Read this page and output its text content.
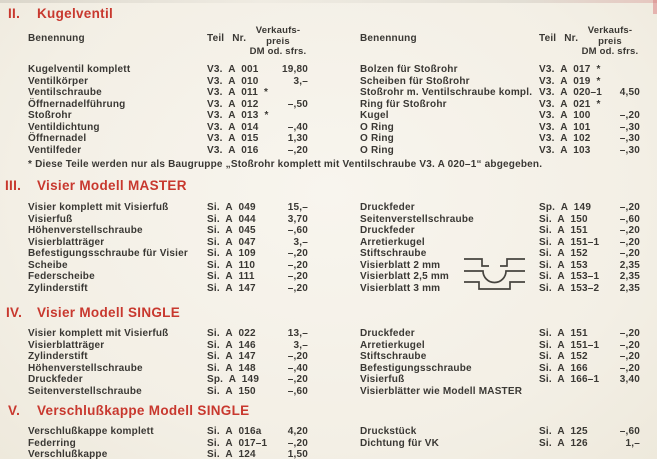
II.	Kugelventil
Benennung	Teil Nr.
Verkaufs-
preis
DM od. sfrs.
Kugelventil komplett	V3. A 001	19,80
Ventilkörper	V3. A 010	3,–
Ventilschraube	V3. A 011 *
Öffnernadelführung	V3. A 012	–,50
Stoßrohr	V3. A 013 *
Ventildichtung	V3. A 014	–,40
Öffnernadel	V3. A 015	1,30
Ventilfeder	V3. A 016	–,20
Benennung	Teil Nr.
Verkaufs-
preis
DM od. sfrs.
Bolzen für Stoßrohr	V3. A 017 *
Scheiben für Stoßrohr	V3. A 019 *
Stoßrohr m. Ventilschraube kompl. V3. A 020–1	4,50
Ring für Stoßrohr	V3. A 021 *
Kugel	V3. A 100	–,20
O Ring	V3. A 101	–,30
O Ring	V3. A 102	–,30
O Ring	V3. A 103	–,30
* Diese Teile werden nur als Baugruppe „Stoßrohr komplett mit Ventilschraube V3. A 020–1“ abgegeben.
III.	Visier Modell MASTER
Visier komplett mit Visierfuß	Si. A 049	15,–
Visierfuß	Si. A 044	3,70
Höhenverstellschraube	Si. A 045	–,60
Visierblatträger	Si. A 047	3,–
Befestigungsschraube für Visier	Si. A 109	–,20
Scheibe	Si. A 110	–,20
Federscheibe	Si. A 111	–,20
Zylinderstift	Si. A 147	–,20
Druckfeder	Sp. A 149	–,20
Seitenverstellschraube	Si. A 150	–,60
Druckfeder	Si. A 151	–,20
Arretierkugel	Si. A 151–1	–,20
Stiftschraube	Si. A 152	–,20
Visierblatt 2 mm	Si. A 153	2,35
Visierblatt 2,5 mm	Si. A 153–1	2,35
Visierblatt 3 mm	Si. A 153–2	2,35
IV.	Visier Modell SINGLE
Visier komplett mit Visierfuß	Si. A 022	13,–
Visierblatträger	Si. A 146	3,–
Zylinderstift	Si. A 147	–,20
Höhenverstellschraube	Si. A 148	–,40
Druckfeder	Sp. A 149	–,20
Seitenverstellschraube	Si. A 150	–,60
Druckfeder	Si. A 151	–,20
Arretierkugel	Si. A 151–1	–,20
Stiftschraube	Si. A 152	–,20
Befestigungsschraube	Si. A 166	–,20
Visierfuß	Si. A 166–1	3,40
Visierblätter wie Modell MASTER
V.	Verschlußkappe Modell SINGLE
Verschlußkappe komplett	Si. A 016a	4,20
Federring	Si. A 017–1	–,20
Verschlußkappe	Si. A 124	1,50
Druckstück	Si. A 125	–,60
Dichtung für VK	Si. A 126	1,–
